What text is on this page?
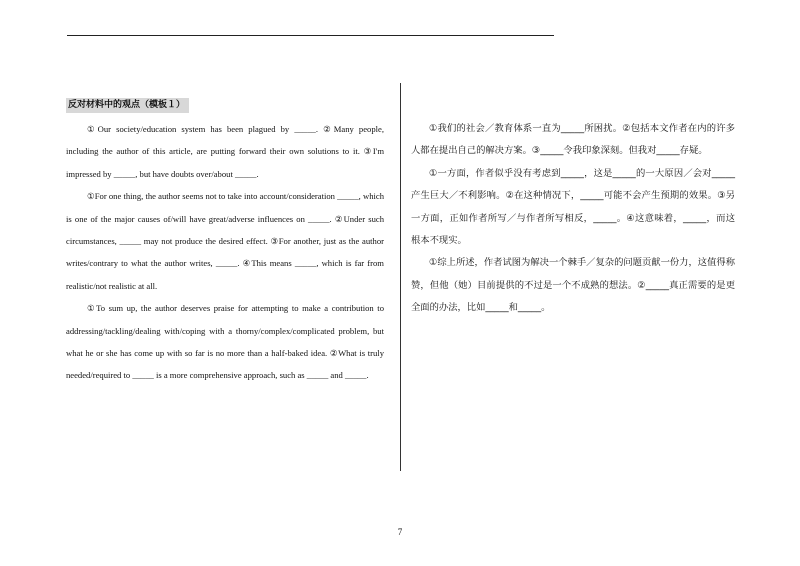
反对材料中的观点（模板１）

①Our society/education system has been plagued by _____. ②Many people, including the author of this article, are putting forward their own solutions to it. ③I'm impressed by _____, but have doubts over/about _____.

①For one thing, the author seems not to take into account/consideration _____, which is one of the major causes of/will have great/adverse influences on _____. ②Under such circumstances, _____ may not produce the desired effect. ③For another, just as the author writes/contrary to what the author writes, _____. ④This means _____, which is far from realistic/not realistic at all.

①To sum up, the author deserves praise for attempting to make a contribution to addressing/tackling/dealing with/coping with a thorny/complex/complicated problem, but what he or she has come up with so far is no more than a half-baked idea. ②What is truly needed/required to _____ is a more comprehensive approach, such as _____ and _____.

①我们的社会／教育体系一直为_____所困扰。②包括本文作者在内的许多人都在提出自己的解决方案。③_____令我印象深刻。但我对_____存疑。

①一方面，作者似乎没有考虑到_____，这是_____的一大原因／会对_____产生巨大／不利影响。②在这种情况下，_____可能不会产生预期的效果。③另一方面，正如作者所写／与作者所写相反，_____。④这意味着，_____，而这根本不现实。

①综上所述，作者试图为解决一个棘手／复杂的问题贡献一份力，这值得称赞，但他（她）目前提供的不过是一个不成熟的想法。②_____真正需要的是更全面的办法，比如_____和_____。

7
